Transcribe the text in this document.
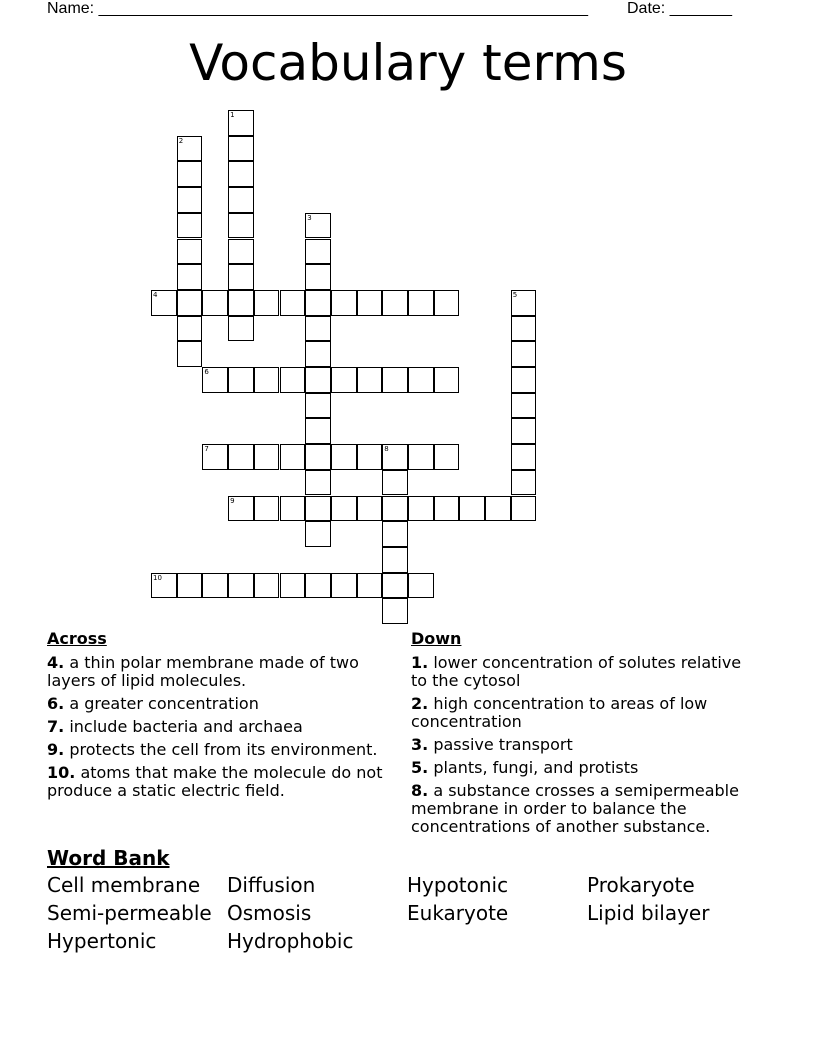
Name: _______________________________________________________ Date: _______
Vocabulary terms
1
2
3
4	5
6
7	8
9
10
Across
4. a thin polar membrane made of two layers of lipid molecules.
6. a greater concentration
7. include bacteria and archaea
9. protects the cell from its environment.
10. atoms that make the molecule do not produce a static electric field.
Down
1. lower concentration of solutes relative to the cytosol
2. high concentration to areas of low concentration
3. passive transport
5. plants, fungi, and protists
8. a substance crosses a semipermeable membrane in order to balance the concentrations of another substance.
Word Bank
Cell membrane	Diffusion	Hypotonic	Prokaryote
Semi-permeable Osmosis	Eukaryote	Lipid bilayer
Hypertonic	Hydrophobic
